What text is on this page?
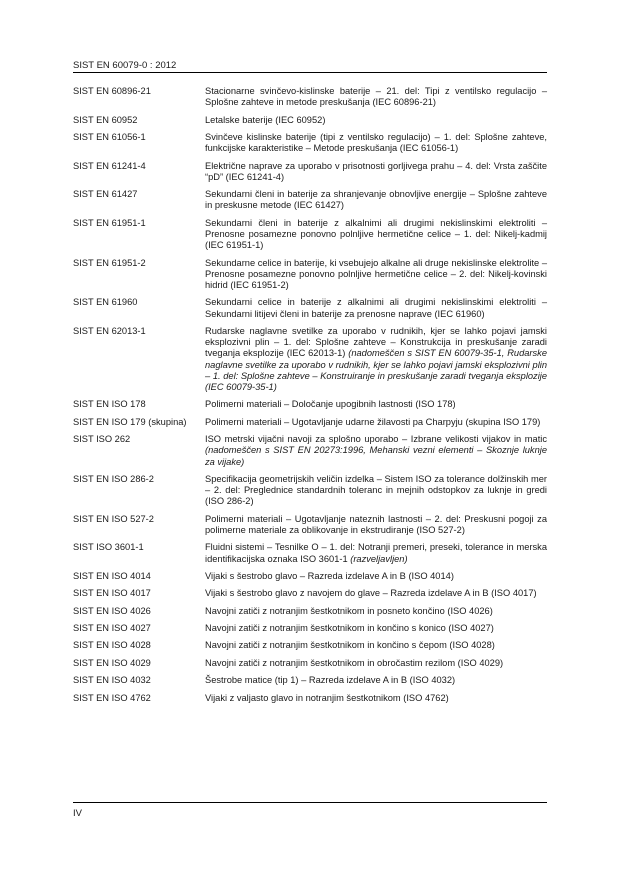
SIST EN 60079-0 : 2012
SIST EN 60896-21	Stacionarne svinčevo-kislinske baterije – 21. del: Tipi z ventilsko regulacijo – Splošne zahteve in metode preskušanja (IEC 60896-21)
SIST EN 60952	Letalske baterije (IEC 60952)
SIST EN 61056-1	Svinčeve kislinske baterije (tipi z ventilsko regulacijo) – 1. del: Splošne zahteve, funkcijske karakteristike – Metode preskušanja (IEC 61056-1)
SIST EN 61241-4	Električne naprave za uporabo v prisotnosti gorljivega prahu – 4. del: Vrsta zaščite “pD” (IEC 61241-4)
SIST EN 61427	Sekundarni členi in baterije za shranjevanje obnovljive energije – Splošne zahteve in preskusne metode (IEC 61427)
SIST EN 61951-1	Sekundarni členi in baterije z alkalnimi ali drugimi nekislinskimi elektroliti – Prenosne posamezne ponovno polnljive hermetične celice – 1. del: Nikelj-kadmij (IEC 61951-1)
SIST EN 61951-2	Sekundarne celice in baterije, ki vsebujejo alkalne ali druge nekislinske elektrolite – Prenosne posamezne ponovno polnljive hermetične celice – 2. del: Nikelj-kovinski hidrid (IEC 61951-2)
SIST EN 61960	Sekundarni celice in baterije z alkalnimi ali drugimi nekislinskimi elektroliti – Sekundarni litijevi členi in baterije za prenosne naprave (IEC 61960)
SIST EN 62013-1	Rudarske naglavne svetilke za uporabo v rudnikih, kjer se lahko pojavi jamski eksplozivni plin – 1. del: Splošne zahteve – Konstrukcija in preskušanje zaradi tveganja eksplozije (IEC 62013-1) (nadomeščen s SIST EN 60079-35-1, Rudarske naglavne svetilke za uporabo v rudnikih, kjer se lahko pojavi jamski eksplozivni plin – 1. del: Splošne zahteve – Konstruiranje in preskušanje zaradi tveganja eksplozije (IEC 60079-35-1)
SIST EN ISO 178	Polimerni materiali – Določanje upogibnih lastnosti (ISO 178)
SIST EN ISO 179 (skupina)	Polimerni materiali – Ugotavljanje udarne žilavosti pa Charpyju (skupina ISO 179)
SIST ISO 262	ISO metrski vijačni navoji za splošno uporabo – Izbrane velikosti vijakov in matic (nadomeščen s SIST EN 20273:1996, Mehanski vezni elementi – Skoznje luknje za vijake)
SIST EN ISO 286-2	Specifikacija geometrijskih veličin izdelka – Sistem ISO za tolerance dolžinskih mer – 2. del: Preglednice standardnih toleranc in mejnih odstopkov za luknje in gredi (ISO 286-2)
SIST EN ISO 527-2	Polimerni materiali – Ugotavljanje nateznih lastnosti – 2. del: Preskusni pogoji za polimerne materiale za oblikovanje in ekstrudiranje (ISO 527-2)
SIST ISO 3601-1	Fluidni sistemi – Tesnilke O – 1. del: Notranji premeri, preseki, tolerance in merska identifikacijska oznaka ISO 3601-1 (razveljavljen)
SIST EN ISO 4014	Vijaki s šestrobo glavo – Razreda izdelave A in B (ISO 4014)
SIST EN ISO 4017	Vijaki s šestrobo glavo z navojem do glave – Razreda izdelave A in B (ISO 4017)
SIST EN ISO 4026	Navojni zatiči z notranjim šestkotnikom in posneto končino (ISO 4026)
SIST EN ISO 4027	Navojni zatiči z notranjim šestkotnikom in končino s konico (ISO 4027)
SIST EN ISO 4028	Navojni zatiči z notranjim šestkotnikom in končino s čepom (ISO 4028)
SIST EN ISO 4029	Navojni zatiči z notranjim šestkotnikom in obročastim rezilom (ISO 4029)
SIST EN ISO 4032	Šestrobe matice (tip 1) – Razreda izdelave A in B (ISO 4032)
SIST EN ISO 4762	Vijaki z valjasto glavo in notranjim šestkotnikom (ISO 4762)
IV
